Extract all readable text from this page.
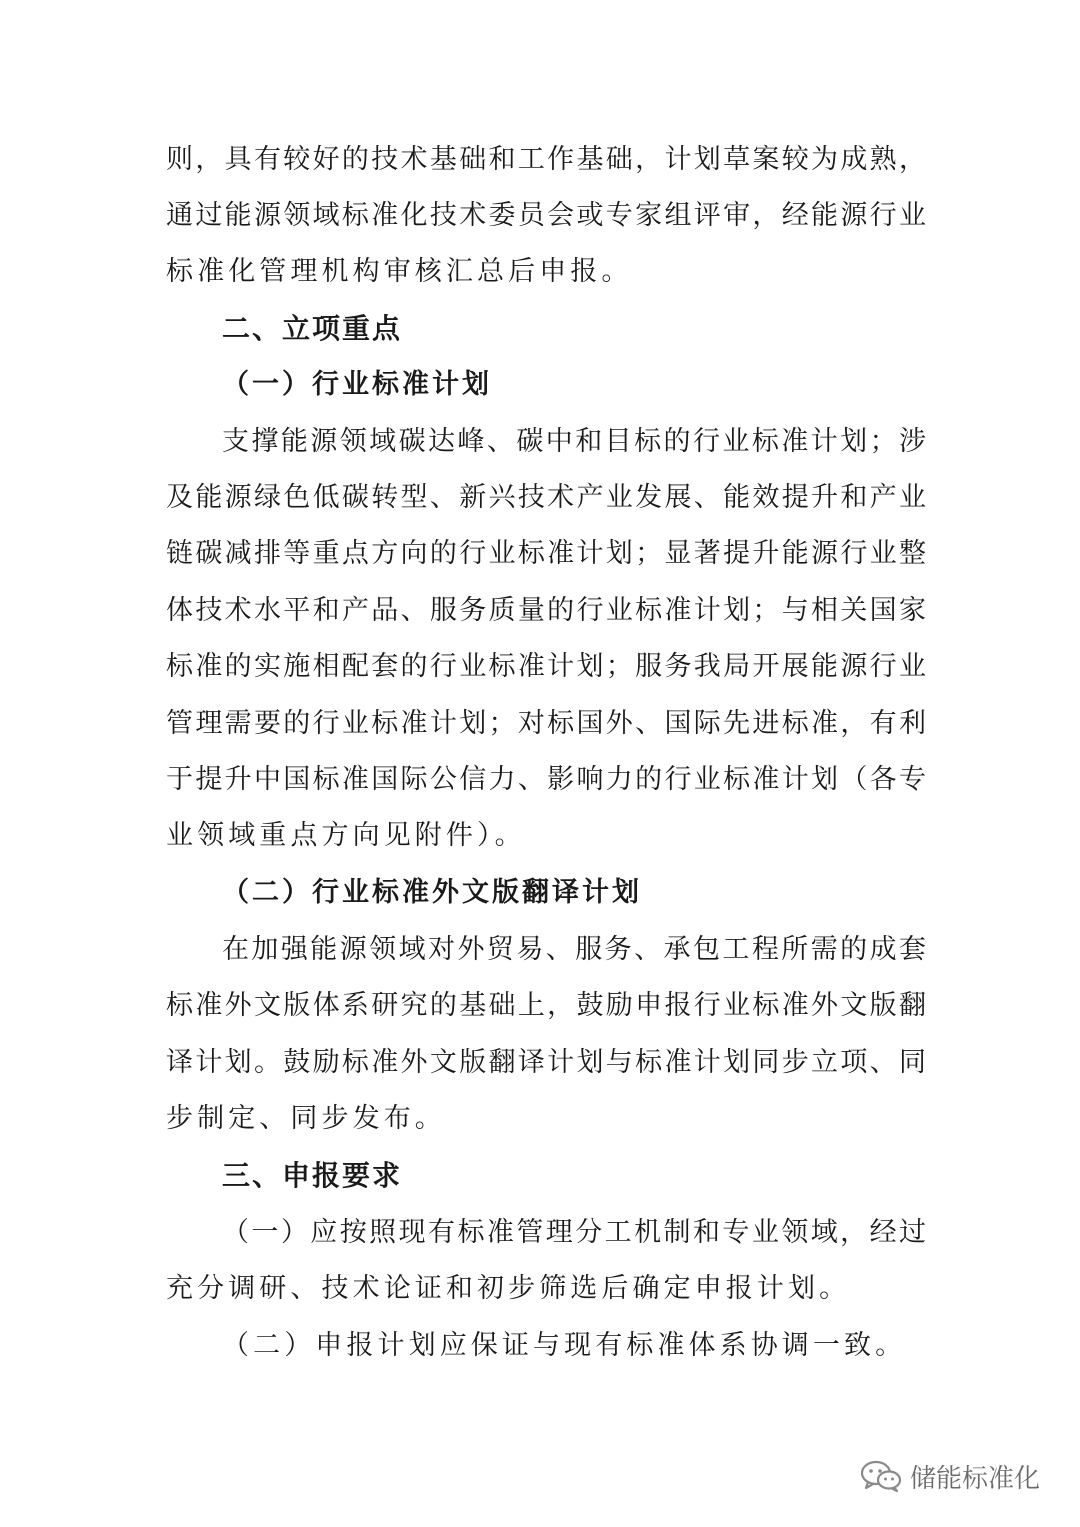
则，具有较好的技术基础和工作基础，计划草案较为成熟，
通过能源领域标准化技术委员会或专家组评审，经能源行业
标准化管理机构审核汇总后申报。
二、立项重点
（一）行业标准计划
支撑能源领域碳达峰、碳中和目标的行业标准计划；涉
及能源绿色低碳转型、新兴技术产业发展、能效提升和产业
链碳减排等重点方向的行业标准计划；显著提升能源行业整
体技术水平和产品、服务质量的行业标准计划；与相关国家
标准的实施相配套的行业标准计划；服务我局开展能源行业
管理需要的行业标准计划；对标国外、国际先进标准，有利
于提升中国标准国际公信力、影响力的行业标准计划（各专
业领域重点方向见附件）。
（二）行业标准外文版翻译计划
在加强能源领域对外贸易、服务、承包工程所需的成套
标准外文版体系研究的基础上，鼓励申报行业标准外文版翻
译计划。鼓励标准外文版翻译计划与标准计划同步立项、同
步制定、同步发布。
三、申报要求
（一）应按照现有标准管理分工机制和专业领域，经过
充分调研、技术论证和初步筛选后确定申报计划。
（二）申报计划应保证与现有标准体系协调一致。
储能标准化
